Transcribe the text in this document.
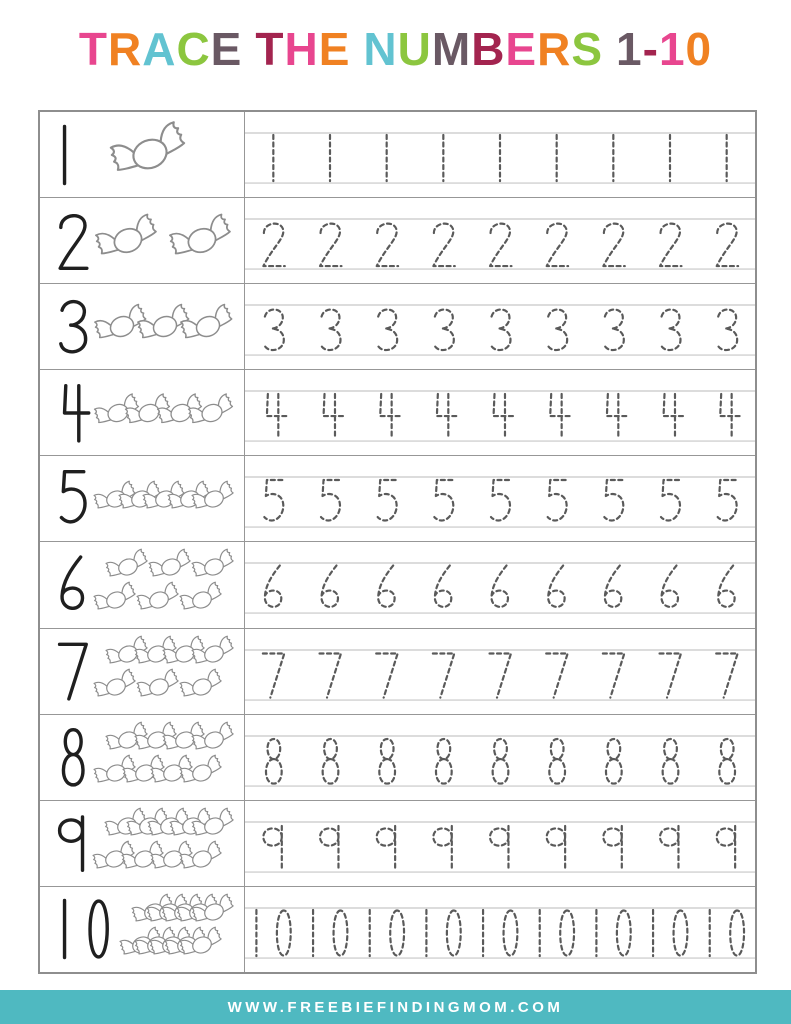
TRACE THE NUMBERS 1-10
WWW.FREEBIEFINDINGMOM.COM
